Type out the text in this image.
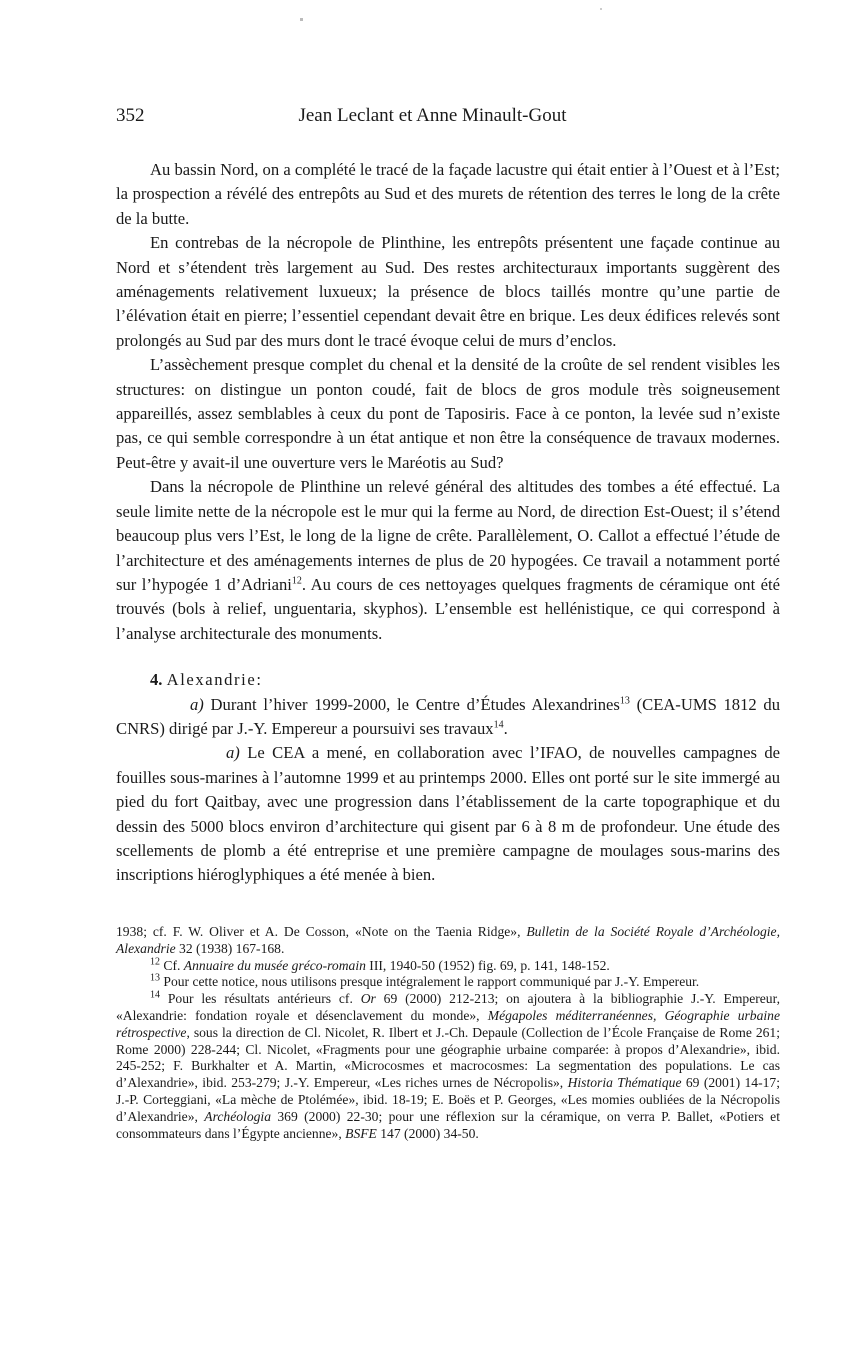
352	Jean Leclant et Anne Minault-Gout

Au bassin Nord, on a complété le tracé de la façade lacustre qui était entier à l’Ouest et à l’Est; la prospection a révélé des entrepôts au Sud et des murets de rétention des terres le long de la crête de la butte.

En contrebas de la nécropole de Plinthine, les entrepôts présentent une façade continue au Nord et s’étendent très largement au Sud. Des restes architecturaux importants suggèrent des aménagements relativement luxueux; la présence de blocs taillés montre qu’une partie de l’élévation était en pierre; l’essentiel cependant devait être en brique. Les deux édifices relevés sont prolongés au Sud par des murs dont le tracé évoque celui de murs d’enclos.

L’assèchement presque complet du chenal et la densité de la croûte de sel rendent visibles les structures: on distingue un ponton coudé, fait de blocs de gros module très soigneusement appareillés, assez semblables à ceux du pont de Taposiris. Face à ce ponton, la levée sud n’existe pas, ce qui semble correspondre à un état antique et non être la conséquence de travaux modernes. Peut-être y avait-il une ouverture vers le Maréotis au Sud?

Dans la nécropole de Plinthine un relevé général des altitudes des tombes a été effectué. La seule limite nette de la nécropole est le mur qui la ferme au Nord, de direction Est-Ouest; il s’étend beaucoup plus vers l’Est, le long de la ligne de crête. Parallèlement, O. Callot a effectué l’étude de l’architecture et des aménagements internes de plus de 20 hypogées. Ce travail a notamment porté sur l’hypogée 1 d’Adriani$^{12}$. Au cours de ces nettoyages quelques fragments de céramique ont été trouvés (bols à relief, unguentaria, skyphos). L’ensemble est hellénistique, ce qui correspond à l’analyse architecturale des monuments.

4. Alexandrie:

a) Durant l’hiver 1999-2000, le Centre d’Études Alexandrines$^{13}$ (CEA-UMS 1812 du CNRS) dirigé par J.-Y. Empereur a poursuivi ses travaux$^{14}$.

a) Le CEA a mené, en collaboration avec l’IFAO, de nouvelles campagnes de fouilles sous-marines à l’automne 1999 et au printemps 2000. Elles ont porté sur le site immergé au pied du fort Qaitbay, avec une progression dans l’établissement de la carte topographique et du dessin des 5000 blocs environ d’architecture qui gisent par 6 à 8 m de profondeur. Une étude des scellements de plomb a été entreprise et une première campagne de moulages sous-marins des inscriptions hiéroglyphiques a été menée à bien.

1938; cf. F. W. Oliver et A. De Cosson, «Note on the Taenia Ridge», Bulletin de la Société Royale d’Archéologie, Alexandrie 32 (1938) 167-168.

$^{12}$ Cf. Annuaire du musée gréco-romain III, 1940-50 (1952) fig. 69, p. 141, 148-152.

$^{13}$ Pour cette notice, nous utilisons presque intégralement le rapport communiqué par J.-Y. Empereur.

$^{14}$ Pour les résultats antérieurs cf. Or 69 (2000) 212-213; on ajoutera à la bibliographie J.-Y. Empereur, «Alexandrie: fondation royale et désenclavement du monde», Mégapoles méditerranéennes, Géographie urbaine rétrospective, sous la direction de Cl. Nicolet, R. Ilbert et J.-Ch. Depaule (Collection de l’École Française de Rome 261; Rome 2000) 228-244; Cl. Nicolet, «Fragments pour une géographie urbaine comparée: à propos d’Alexandrie», ibid. 245-252; F. Burkhalter et A. Martin, «Microcosmes et macrocosmes: La segmentation des populations. Le cas d’Alexandrie», ibid. 253-279; J.-Y. Empereur, «Les riches urnes de Nécropolis», Historia Thématique 69 (2001) 14-17; J.-P. Corteggiani, «La mèche de Ptolémée», ibid. 18-19; E. Boës et P. Georges, «Les momies oubliées de la Nécropolis d’Alexandrie», Archéologia 369 (2000) 22-30; pour une réflexion sur la céramique, on verra P. Ballet, «Potiers et consommateurs dans l’Égypte ancienne», BSFE 147 (2000) 34-50.
